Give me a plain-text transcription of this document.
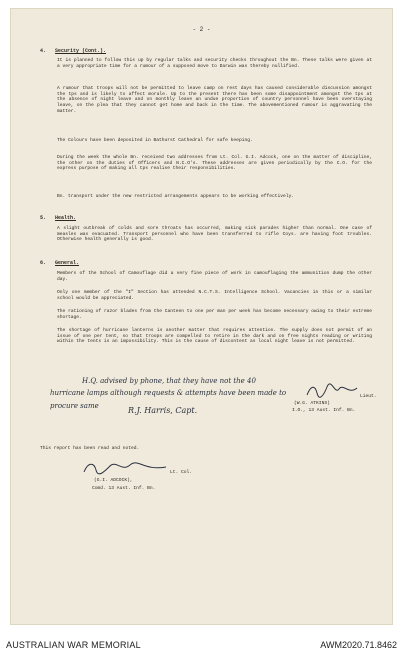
- 2 -
4. Security (Cont.).
It is planned to follow this up by regular talks and security checks throughout the Bn. These talks were given at a very appropriate time for a rumour of a supposed move to Darwin was thereby nullified.
A rumour that troops will not be permitted to leave camp on rest days has caused considerable discussion amongst the tps and is likely to affect morale. Up to the present there has been some disappointment amongst the tps at the absence of night leave and on monthly leave an undue proportion of country personnel have been overstaying leave, on the plea that they cannot get home and back in the time. The abovementioned rumour is aggravating the matter.
The Colours have been deposited in Bathurst Cathedral for safe keeping.
During the week the whole Bn. received two addresses from Lt. Col. G.I. Adcock, one on the matter of discipline, the other on the duties of Officers and N.C.O's. These addresses are given periodically by the C.O. for the express purpose of making all tps realise their responsibilities.
Bn. transport under the new restricted arrangements appears to be working effectively.
5. Health.
A slight outbreak of colds and sore throats has occurred, making sick parades higher than normal. One case of measles was evacuated. Transport personnel who have been transferred to rifle Coys. are having foot troubles. Otherwise health generally is good.
6. General.
Members of the School of Camouflage did a very fine piece of work in camouflaging the ammunition dump the other day.
Only one member of the "I" Section has attended N.C.T.S. Intelligence School. Vacancies in this or a similar school would be appreciated.
The rationing of razor blades from the Canteen to one per man per week has become necessary owing to their extreme shortage.
The shortage of hurricane lanterns is another matter that requires attention. The supply does not permit of an issue of one per tent, so that troops are compelled to retire in the dark and on free nights reading or writing within the tents is an impossibility. This is the cause of discontent as local night leave is not permitted.
H.Q. advised by phone, that they have not the 40
hurricane lamps although requests & attempts have been made to
procure same	R.J. Harris, Capt.
(W.G. ATKINS)
Lieut.
I.O., 13 Aust. Inf. Bn.
This report has been read and noted.
Lt. Col.
(G.I. ADCOCK),
Comd. 13 Aust. Inf. Bn.
AUSTRALIAN WAR MEMORIAL	AWM2020.71.8462
